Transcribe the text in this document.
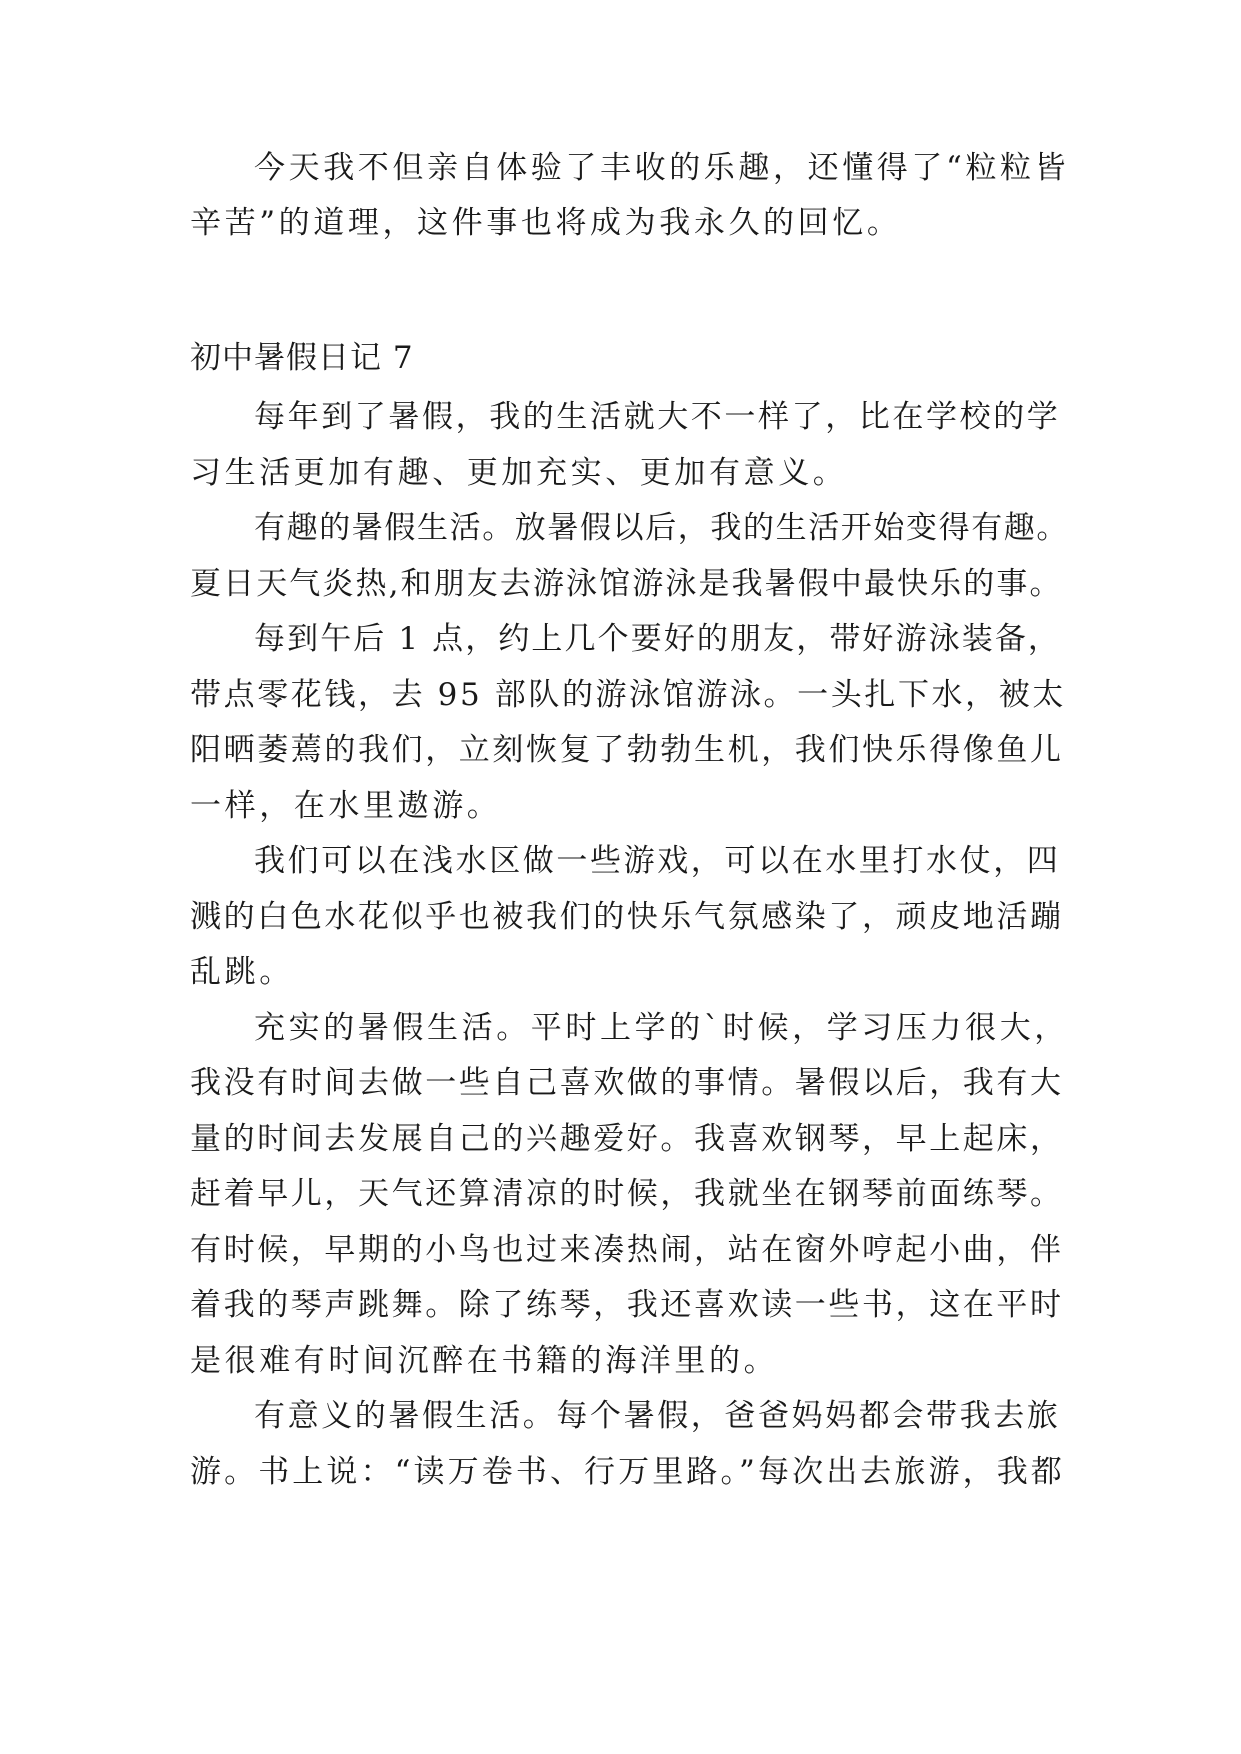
今天我不但亲自体验了丰收的乐趣，还懂得了“粒粒皆
辛苦”的道理，这件事也将成为我永久的回忆。
初中暑假日记 7
每年到了暑假，我的生活就大不一样了，比在学校的学
习生活更加有趣、更加充实、更加有意义。
有趣的暑假生活。放暑假以后，我的生活开始变得有趣。
夏日天气炎热,和朋友去游泳馆游泳是我暑假中最快乐的事。
每到午后 1 点，约上几个要好的朋友，带好游泳装备，
带点零花钱，去 95 部队的游泳馆游泳。一头扎下水，被太
阳晒萎蔫的我们，立刻恢复了勃勃生机，我们快乐得像鱼儿
一样，在水里遨游。
我们可以在浅水区做一些游戏，可以在水里打水仗，四
溅的白色水花似乎也被我们的快乐气氛感染了，顽皮地活蹦
乱跳。
充实的暑假生活。平时上学的`时候，学习压力很大，
我没有时间去做一些自己喜欢做的事情。暑假以后，我有大
量的时间去发展自己的兴趣爱好。我喜欢钢琴，早上起床，
赶着早儿，天气还算清凉的时候，我就坐在钢琴前面练琴。
有时候，早期的小鸟也过来凑热闹，站在窗外哼起小曲，伴
着我的琴声跳舞。除了练琴，我还喜欢读一些书，这在平时
是很难有时间沉醉在书籍的海洋里的。
有意义的暑假生活。每个暑假，爸爸妈妈都会带我去旅
游。书上说：“读万卷书、行万里路。”每次出去旅游，我都
